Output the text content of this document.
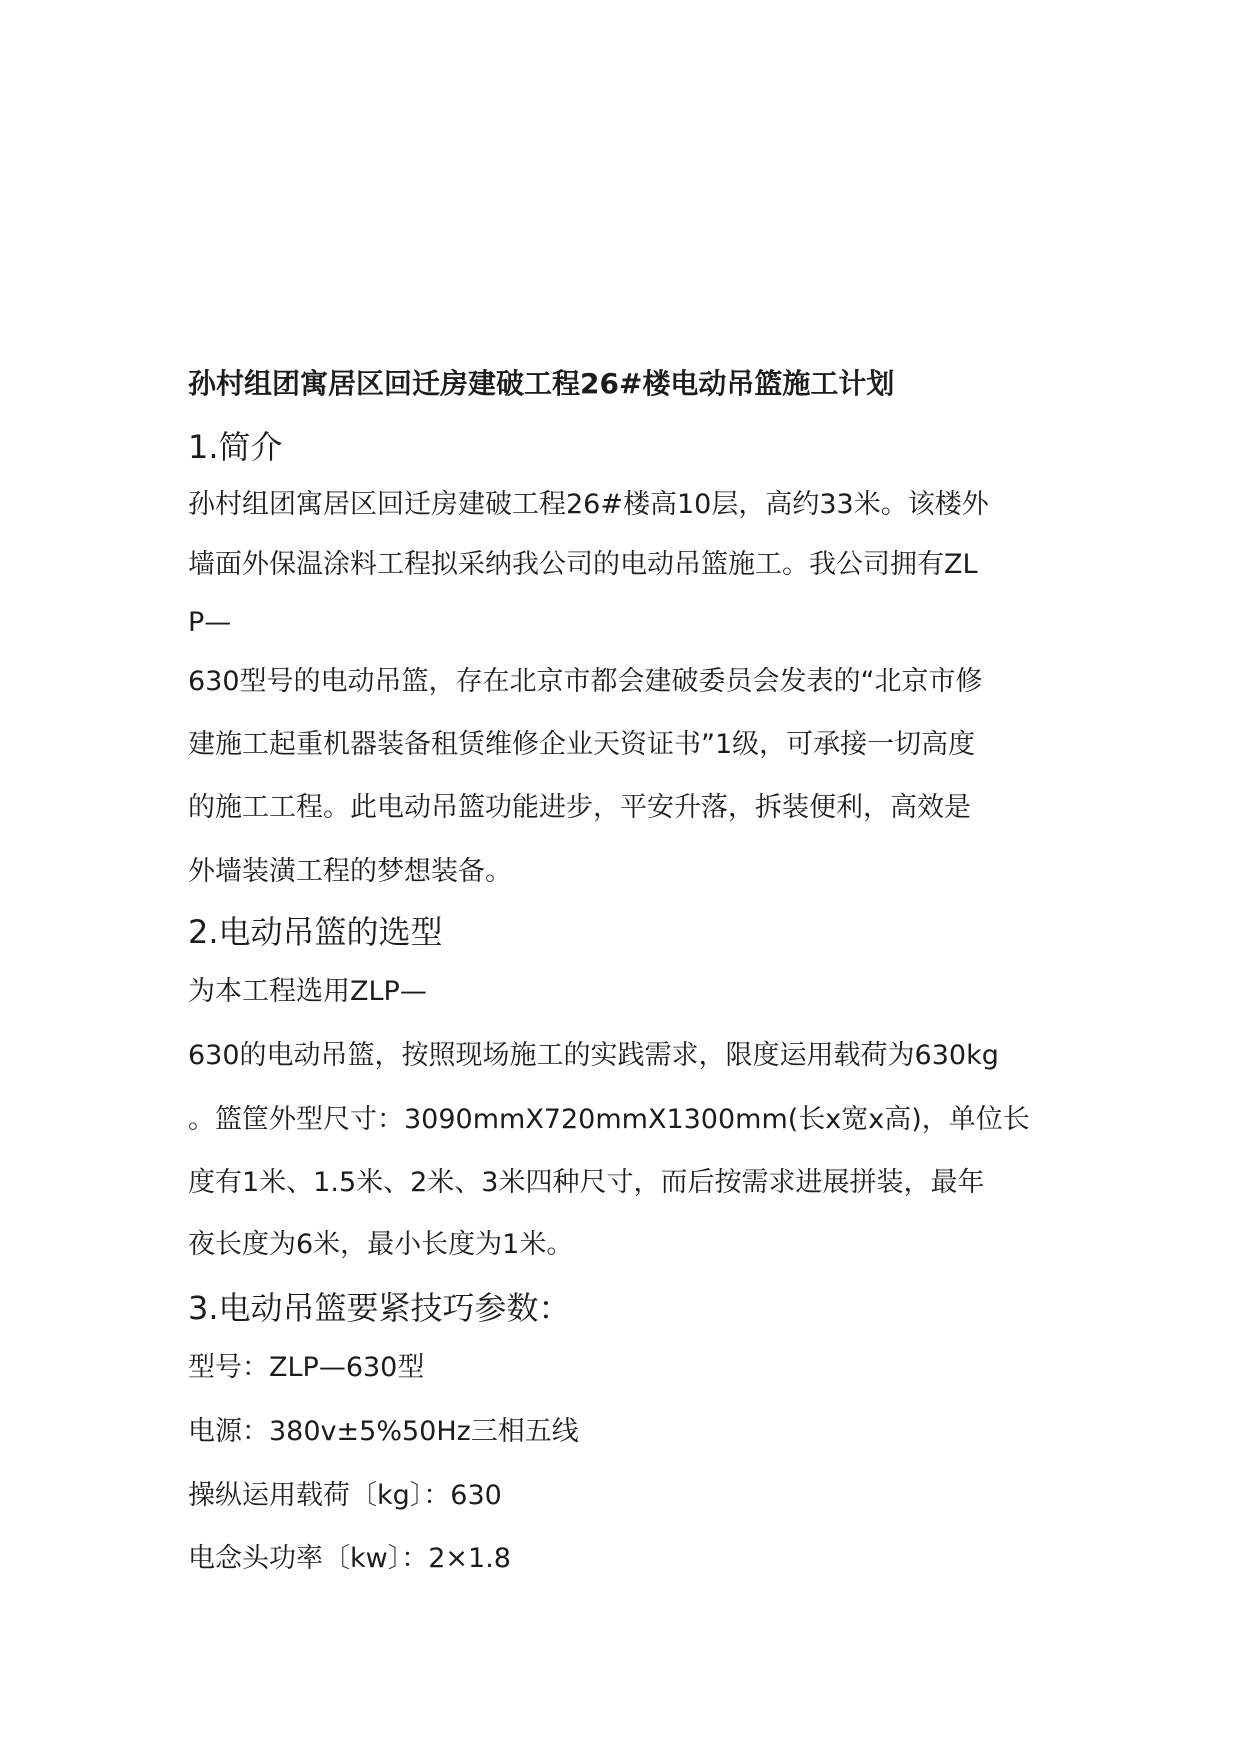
孙村组团寓居区回迁房建破工程26#楼电动吊篮施工计划
1.简介
孙村组团寓居区回迁房建破工程26#楼高10层，高约33米。该楼外
墙面外保温涂料工程拟采纳我公司的电动吊篮施工。我公司拥有ZL
P—
630型号的电动吊篮，存在北京市都会建破委员会发表的“北京市修
建施工起重机器装备租赁维修企业天资证书”1级，可承接一切高度
的施工工程。此电动吊篮功能进步，平安升落，拆装便利，高效是
外墙装潢工程的梦想装备。
2.电动吊篮的选型
为本工程选用ZLP—
630的电动吊篮，按照现场施工的实践需求，限度运用载荷为630kg
。篮筐外型尺寸：3090mmX720mmX1300mm(长x宽x高)，单位长
度有1米、1.5米、2米、3米四种尺寸，而后按需求进展拼装，最年
夜长度为6米，最小长度为1米。
3.电动吊篮要紧技巧参数：
型号：ZLP—630型
电源：380v±5%50Hz三相五线
操纵运用载荷〔kg〕：630
电念头功率〔kw〕：2×1.8
